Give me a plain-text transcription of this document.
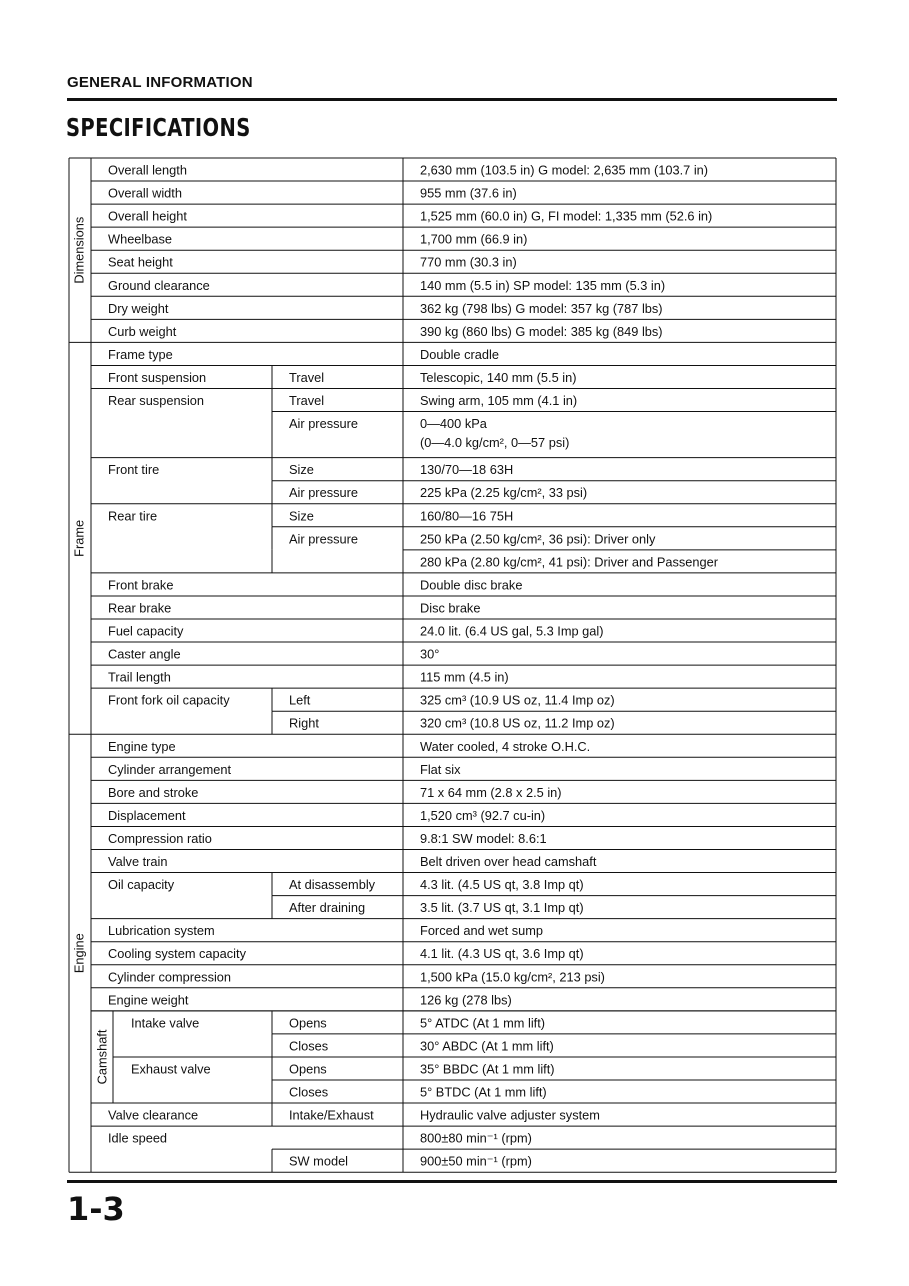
GENERAL INFORMATION
SPECIFICATIONS
Overall length	2,630 mm (103.5 in) G model: 2,635 mm (103.7 in)
Overall width	955 mm (37.6 in)
Overall height	1,525 mm (60.0 in) G, FI model: 1,335 mm (52.6 in)
Wheelbase	1,700 mm (66.9 in)
Seat height	770 mm (30.3 in)
Ground clearance	140 mm (5.5 in) SP model: 135 mm (5.3 in)
Dry weight	362 kg (798 lbs) G model: 357 kg (787 lbs)
Curb weight	390 kg (860 lbs) G model: 385 kg (849 lbs)
Frame type	Double cradle
Front suspension	Travel	Telescopic, 140 mm (5.5 in)
Rear suspension	Travel	Swing arm, 105 mm (4.1 in)
Air pressure	0—400 kPa
(0—4.0 kg/cm², 0—57 psi)
Front tire	Size	130/70—18 63H
Air pressure	225 kPa (2.25 kg/cm², 33 psi)
Rear tire	Size	160/80—16 75H
Air pressure	250 kPa (2.50 kg/cm², 36 psi): Driver only
280 kPa (2.80 kg/cm², 41 psi): Driver and Passenger
Front brake	Double disc brake
Rear brake	Disc brake
Fuel capacity	24.0 lit. (6.4 US gal, 5.3 Imp gal)
Caster angle	30°
Trail length	115 mm (4.5 in)
Front fork oil capacity	Left	325 cm³ (10.9 US oz, 11.4 Imp oz)
Right	320 cm³ (10.8 US oz, 11.2 Imp oz)
Engine type	Water cooled, 4 stroke O.H.C.
Cylinder arrangement	Flat six
Bore and stroke	71 x 64 mm (2.8 x 2.5 in)
Displacement	1,520 cm³ (92.7 cu-in)
Compression ratio	9.8:1 SW model: 8.6:1
Valve train	Belt driven over head camshaft
Oil capacity	At disassembly	4.3 lit. (4.5 US qt, 3.8 Imp qt)
After draining	3.5 lit. (3.7 US qt, 3.1 Imp qt)
Lubrication system	Forced and wet sump
Cooling system capacity	4.1 lit. (4.3 US qt, 3.6 Imp qt)
Cylinder compression	1,500 kPa (15.0 kg/cm², 213 psi)
Engine weight	126 kg (278 lbs)
Intake valve	Opens	5° ATDC (At 1 mm lift)
Closes	30° ABDC (At 1 mm lift)
Exhaust valve	Opens	35° BBDC (At 1 mm lift)
Closes	5° BTDC (At 1 mm lift)
Valve clearance	Intake/Exhaust	Hydraulic valve adjuster system
Idle speed	800±80 min⁻¹ (rpm)
SW model	900±50 min⁻¹ (rpm)
Dimensions
Frame
Engine
Camshaft
1-3
